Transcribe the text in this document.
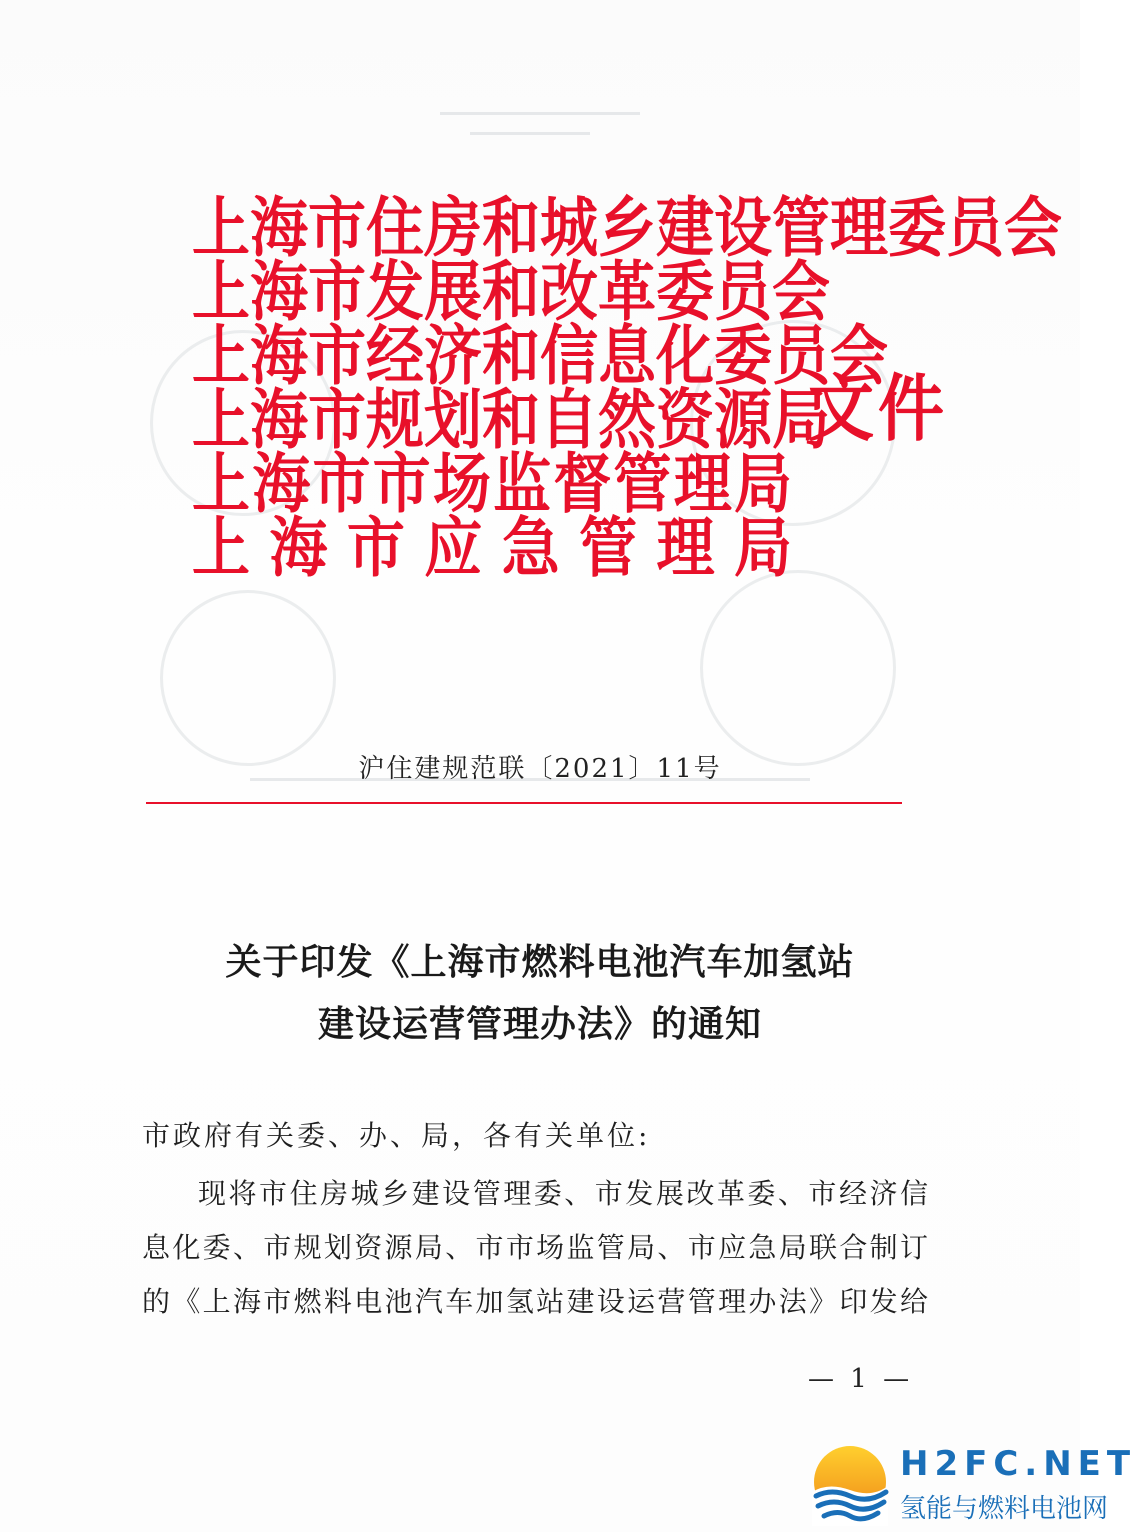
上海市住房和城乡建设管理委员会
上海市发展和改革委员会
上海市经济和信息化委员会
上海市规划和自然资源局
上海市市场监督管理局
上海市应急管理局
文件
沪住建规范联〔2021〕11号
关于印发《上海市燃料电池汽车加氢站
建设运营管理办法》的通知
市政府有关委、办、局，各有关单位:
现将市住房城乡建设管理委、市发展改革委、市经济信
息化委、市规划资源局、市市场监管局、市应急局联合制订
的《上海市燃料电池汽车加氢站建设运营管理办法》印发给
— 1 —
H2FC.NET
氢能与燃料电池网
